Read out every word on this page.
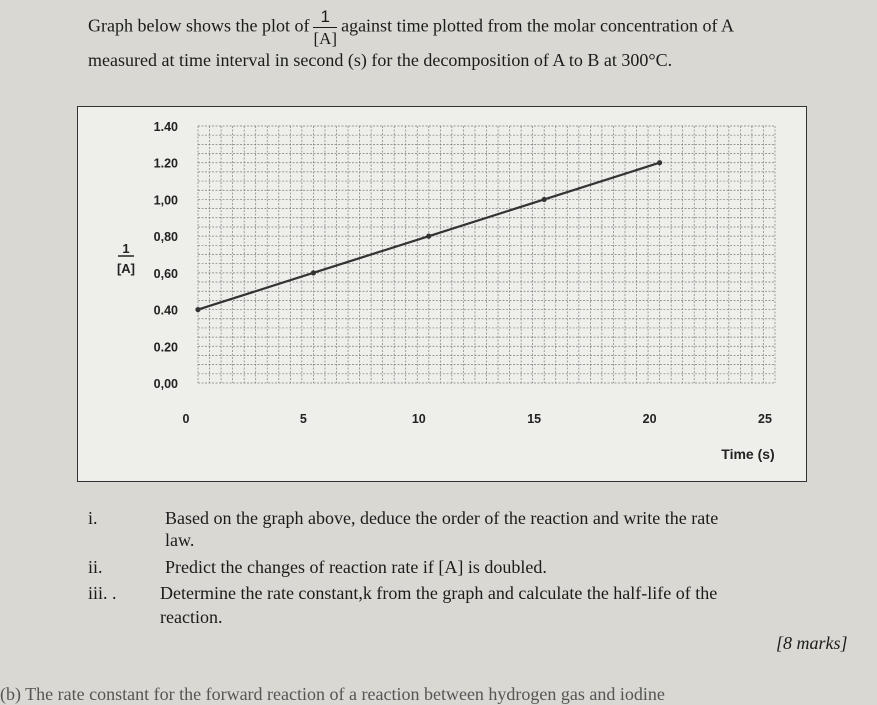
Graph below shows the plot of $\frac{1}{[A]}$ against time plotted from the molar concentration of A
measured at time interval in second (s) for the decomposition of A to B at 300°C.
0,00
0.20
0.40
0,60
0,80
1,00
1.20
1.40
0	5	10	15	20	25
1
[A]
Time (s)
i.	Based on the graph above, deduce the order of the reaction and write the rate
law.
ii.	Predict the changes of reaction rate if [A] is doubled.
iii. . Determine the rate constant,k from the graph and calculate the half-life of the
reaction.
[8 marks]
(b) The rate constant for the forward reaction of a reaction between hydrogen gas and iodine
